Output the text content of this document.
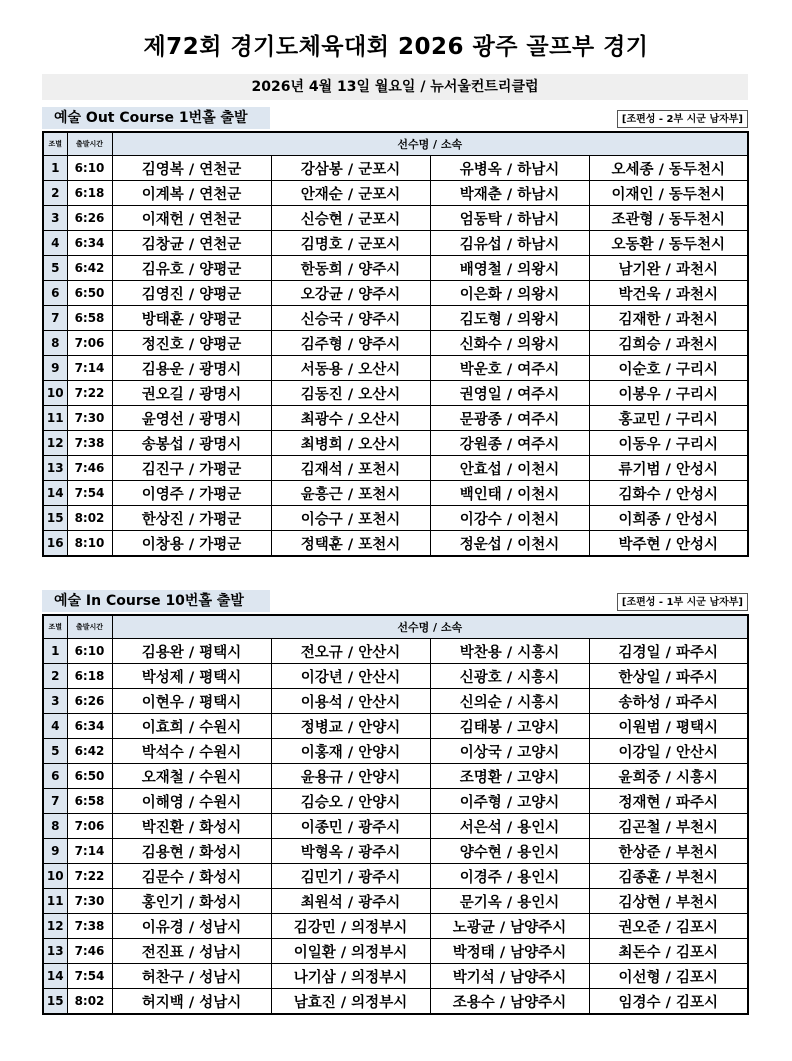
제72회 경기도체육대회 2026 광주 골프부 경기
2026년 4월 13일 월요일 / 뉴서울컨트리클럽
예술 Out Course 1번홀 출발	[조편성 - 2부 시군 남자부]
조별	출발시간	선수명 / 소속			
1	6:10	김영복 / 연천군	강삼봉 / 군포시	유병옥 / 하남시	오세종 / 동두천시
2	6:18	이계복 / 연천군	안재순 / 군포시	박재춘 / 하남시	이재인 / 동두천시
3	6:26	이재헌 / 연천군	신승현 / 군포시	엄동탁 / 하남시	조관형 / 동두천시
4	6:34	김창균 / 연천군	김명호 / 군포시	김유섭 / 하남시	오동환 / 동두천시
5	6:42	김유호 / 양평군	한동희 / 양주시	배영철 / 의왕시	남기완 / 과천시
6	6:50	김영진 / 양평군	오강균 / 양주시	이은화 / 의왕시	박건욱 / 과천시
7	6:58	방태훈 / 양평군	신승국 / 양주시	김도형 / 의왕시	김재한 / 과천시
8	7:06	정진호 / 양평군	김주형 / 양주시	신화수 / 의왕시	김희승 / 과천시
9	7:14	김용운 / 광명시	서동용 / 오산시	박운호 / 여주시	이순호 / 구리시
10	7:22	권오길 / 광명시	김동진 / 오산시	권영일 / 여주시	이봉우 / 구리시
11	7:30	윤영선 / 광명시	최광수 / 오산시	문광종 / 여주시	홍교민 / 구리시
12	7:38	송봉섭 / 광명시	최병희 / 오산시	강원종 / 여주시	이동우 / 구리시
13	7:46	김진구 / 가평군	김재석 / 포천시	안효섭 / 이천시	류기범 / 안성시
14	7:54	이영주 / 가평군	윤흥근 / 포천시	백인태 / 이천시	김화수 / 안성시
15	8:02	한상진 / 가평군	이승구 / 포천시	이강수 / 이천시	이희종 / 안성시
16	8:10	이창용 / 가평군	정택훈 / 포천시	정운섭 / 이천시	박주현 / 안성시
예술 In Course 10번홀 출발	[조편성 - 1부 시군 남자부]
조별	출발시간	선수명 / 소속			
1	6:10	김용완 / 평택시	전오규 / 안산시	박찬용 / 시흥시	김경일 / 파주시
2	6:18	박성제 / 평택시	이강년 / 안산시	신광호 / 시흥시	한상일 / 파주시
3	6:26	이현우 / 평택시	이용석 / 안산시	신의순 / 시흥시	송하성 / 파주시
4	6:34	이효희 / 수원시	정병교 / 안양시	김태봉 / 고양시	이원범 / 평택시
5	6:42	박석수 / 수원시	이홍재 / 안양시	이상국 / 고양시	이강일 / 안산시
6	6:50	오재철 / 수원시	윤용규 / 안양시	조명환 / 고양시	윤희중 / 시흥시
7	6:58	이해영 / 수원시	김승오 / 안양시	이주형 / 고양시	정재현 / 파주시
8	7:06	박진환 / 화성시	이종민 / 광주시	서은석 / 용인시	김곤철 / 부천시
9	7:14	김용현 / 화성시	박형옥 / 광주시	양수현 / 용인시	한상준 / 부천시
10	7:22	김문수 / 화성시	김민기 / 광주시	이경주 / 용인시	김종훈 / 부천시
11	7:30	홍인기 / 화성시	최원석 / 광주시	문기옥 / 용인시	김상현 / 부천시
12	7:38	이유경 / 성남시	김강민 / 의정부시	노광균 / 남양주시	권오준 / 김포시
13	7:46	전진표 / 성남시	이일환 / 의정부시	박정태 / 남양주시	최돈수 / 김포시
14	7:54	허찬구 / 성남시	나기삼 / 의정부시	박기석 / 남양주시	이선형 / 김포시
15	8:02	허지백 / 성남시	남효진 / 의정부시	조용수 / 남양주시	임경수 / 김포시
